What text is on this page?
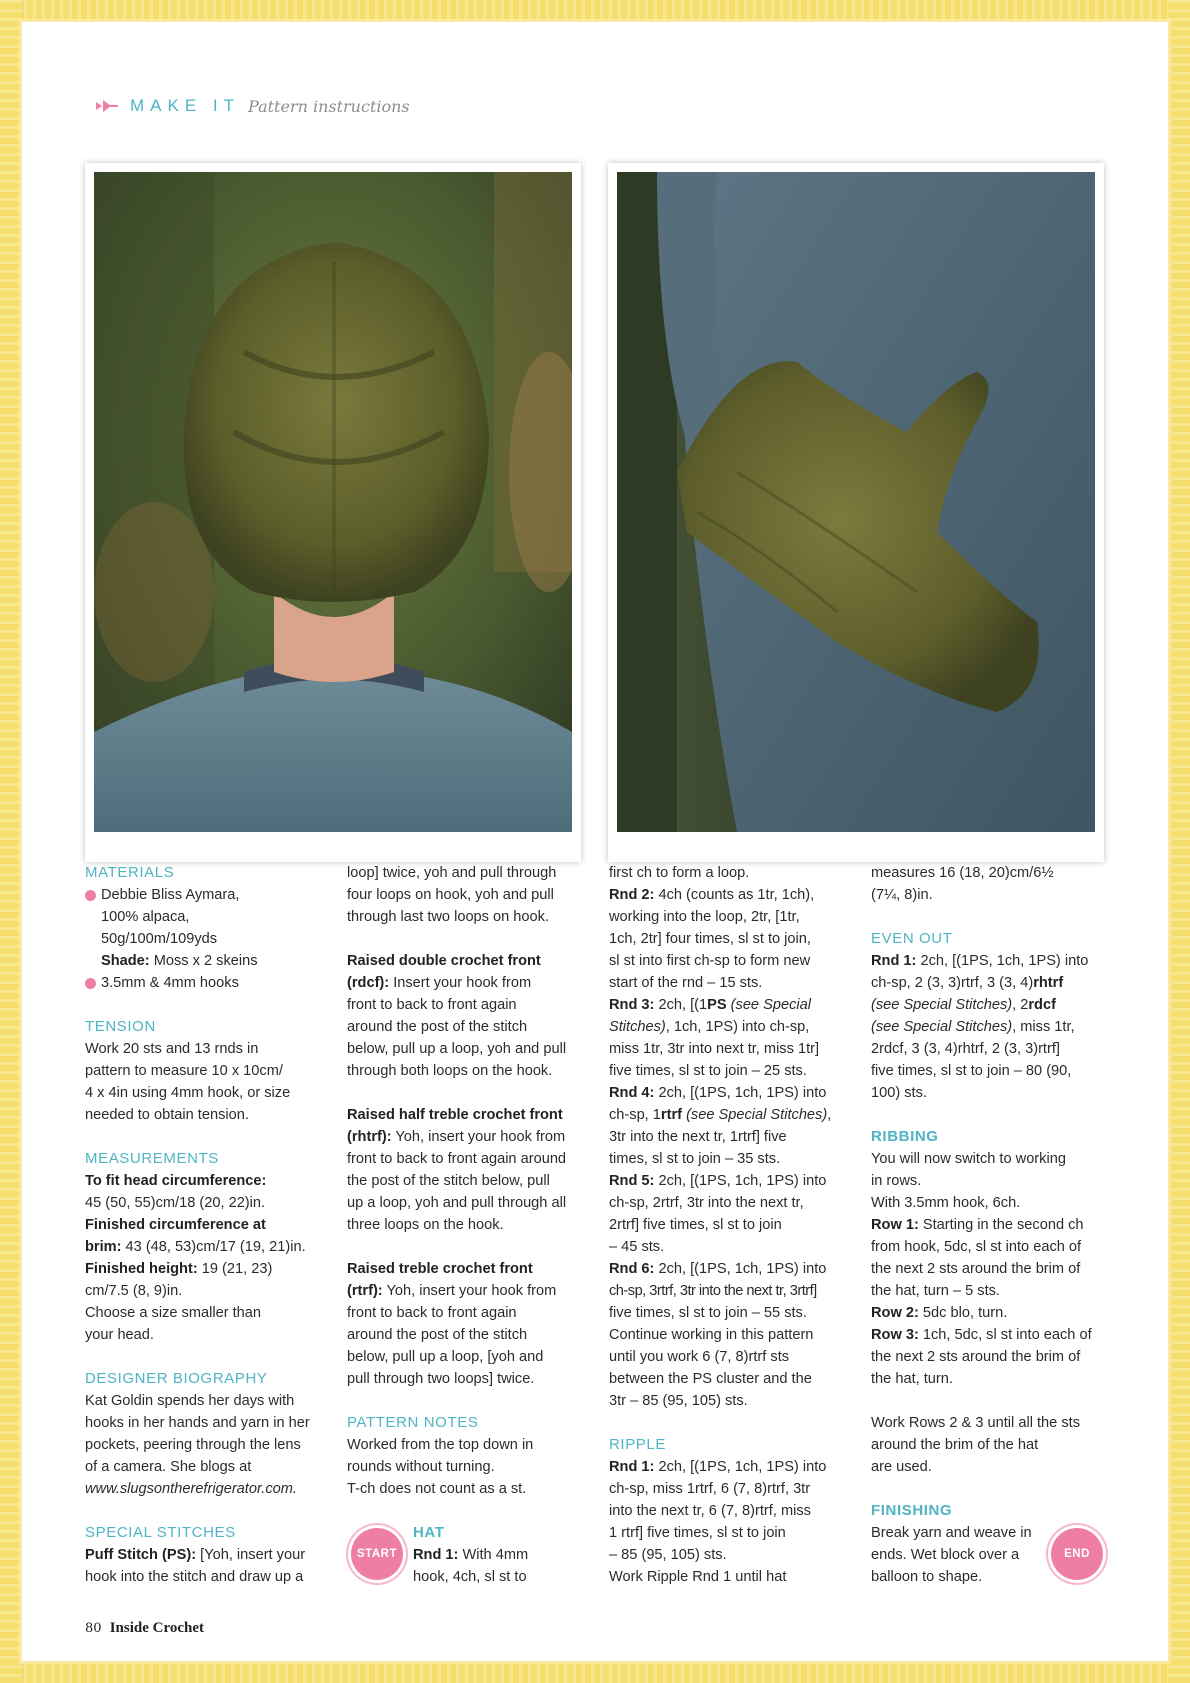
MAKE IT Pattern instructions
MATERIALS

Debbie Bliss Aymara,

100% alpaca,

50g/100m/109yds

Shade: Moss x 2 skeins

3.5mm & 4mm hooks

TENSION

Work 20 sts and 13 rnds in

pattern to measure 10 x 10cm/

4 x 4in using 4mm hook, or size

needed to obtain tension.

MEASUREMENTS

To fit head circumference:

45 (50, 55)cm/18 (20, 22)in.

Finished circumference at

brim: 43 (48, 53)cm/17 (19, 21)in.

Finished height: 19 (21, 23)

cm/7.5 (8, 9)in.

Choose a size smaller than

your head.

DESIGNER BIOGRAPHY

Kat Goldin spends her days with

hooks in her hands and yarn in her

pockets, peering through the lens

of a camera. She blogs at

www.slugsontherefrigerator.com.

SPECIAL STITCHES

Puff Stitch (PS): [Yoh, insert your

hook into the stitch and draw up a

loop] twice, yoh and pull through

four loops on hook, yoh and pull

through last two loops on hook.

Raised double crochet front

(rdcf): Insert your hook from

front to back to front again

around the post of the stitch

below, pull up a loop, yoh and pull

through both loops on the hook.

Raised half treble crochet front

(rhtrf): Yoh, insert your hook from

front to back to front again around

the post of the stitch below, pull

up a loop, yoh and pull through all

three loops on the hook.

Raised treble crochet front

(rtrf): Yoh, insert your hook from

front to back to front again

around the post of the stitch

below, pull up a loop, [yoh and

pull through two loops] twice.

PATTERN NOTES

Worked from the top down in

rounds without turning.

T-ch does not count as a st.

HAT

Rnd 1: With 4mm

hook, 4ch, sl st to

START

first ch to form a loop.

Rnd 2: 4ch (counts as 1tr, 1ch),

working into the loop, 2tr, [1tr,

1ch, 2tr] four times, sl st to join,

sl st into first ch-sp to form new

start of the rnd – 15 sts.

Rnd 3: 2ch, [(1PS (see Special

Stitches), 1ch, 1PS) into ch-sp,

miss 1tr, 3tr into next tr, miss 1tr]

five times, sl st to join – 25 sts.

Rnd 4: 2ch, [(1PS, 1ch, 1PS) into

ch-sp, 1rtrf (see Special Stitches),

3tr into the next tr, 1rtrf] five

times, sl st to join – 35 sts.

Rnd 5: 2ch, [(1PS, 1ch, 1PS) into

ch-sp, 2rtrf, 3tr into the next tr,

2rtrf] five times, sl st to join

– 45 sts.

Rnd 6: 2ch, [(1PS, 1ch, 1PS) into

ch-sp, 3rtrf, 3tr into the next tr, 3rtrf]

five times, sl st to join – 55 sts.

Continue working in this pattern

until you work 6 (7, 8)rtrf sts

between the PS cluster and the

3tr – 85 (95, 105) sts.

RIPPLE

Rnd 1: 2ch, [(1PS, 1ch, 1PS) into

ch-sp, miss 1rtrf, 6 (7, 8)rtrf, 3tr

into the next tr, 6 (7, 8)rtrf, miss

1 rtrf] five times, sl st to join

– 85 (95, 105) sts.

Work Ripple Rnd 1 until hat

measures 16 (18, 20)cm/6½

(7¼, 8)in.

EVEN OUT

Rnd 1: 2ch, [(1PS, 1ch, 1PS) into

ch-sp, 2 (3, 3)rtrf, 3 (3, 4)rhtrf

(see Special Stitches), 2rdcf

(see Special Stitches), miss 1tr,

2rdcf, 3 (3, 4)rhtrf, 2 (3, 3)rtrf]

five times, sl st to join – 80 (90,

100) sts.

RIBBING

You will now switch to working

in rows.

With 3.5mm hook, 6ch.

Row 1: Starting in the second ch

from hook, 5dc, sl st into each of

the next 2 sts around the brim of

the hat, turn – 5 sts.

Row 2: 5dc blo, turn.

Row 3: 1ch, 5dc, sl st into each of

the next 2 sts around the brim of

the hat, turn.

Work Rows 2 & 3 until all the sts

around the brim of the hat

are used.

FINISHING

Break yarn and weave in

ends. Wet block over a

balloon to shape.

END
80 Inside Crochet
